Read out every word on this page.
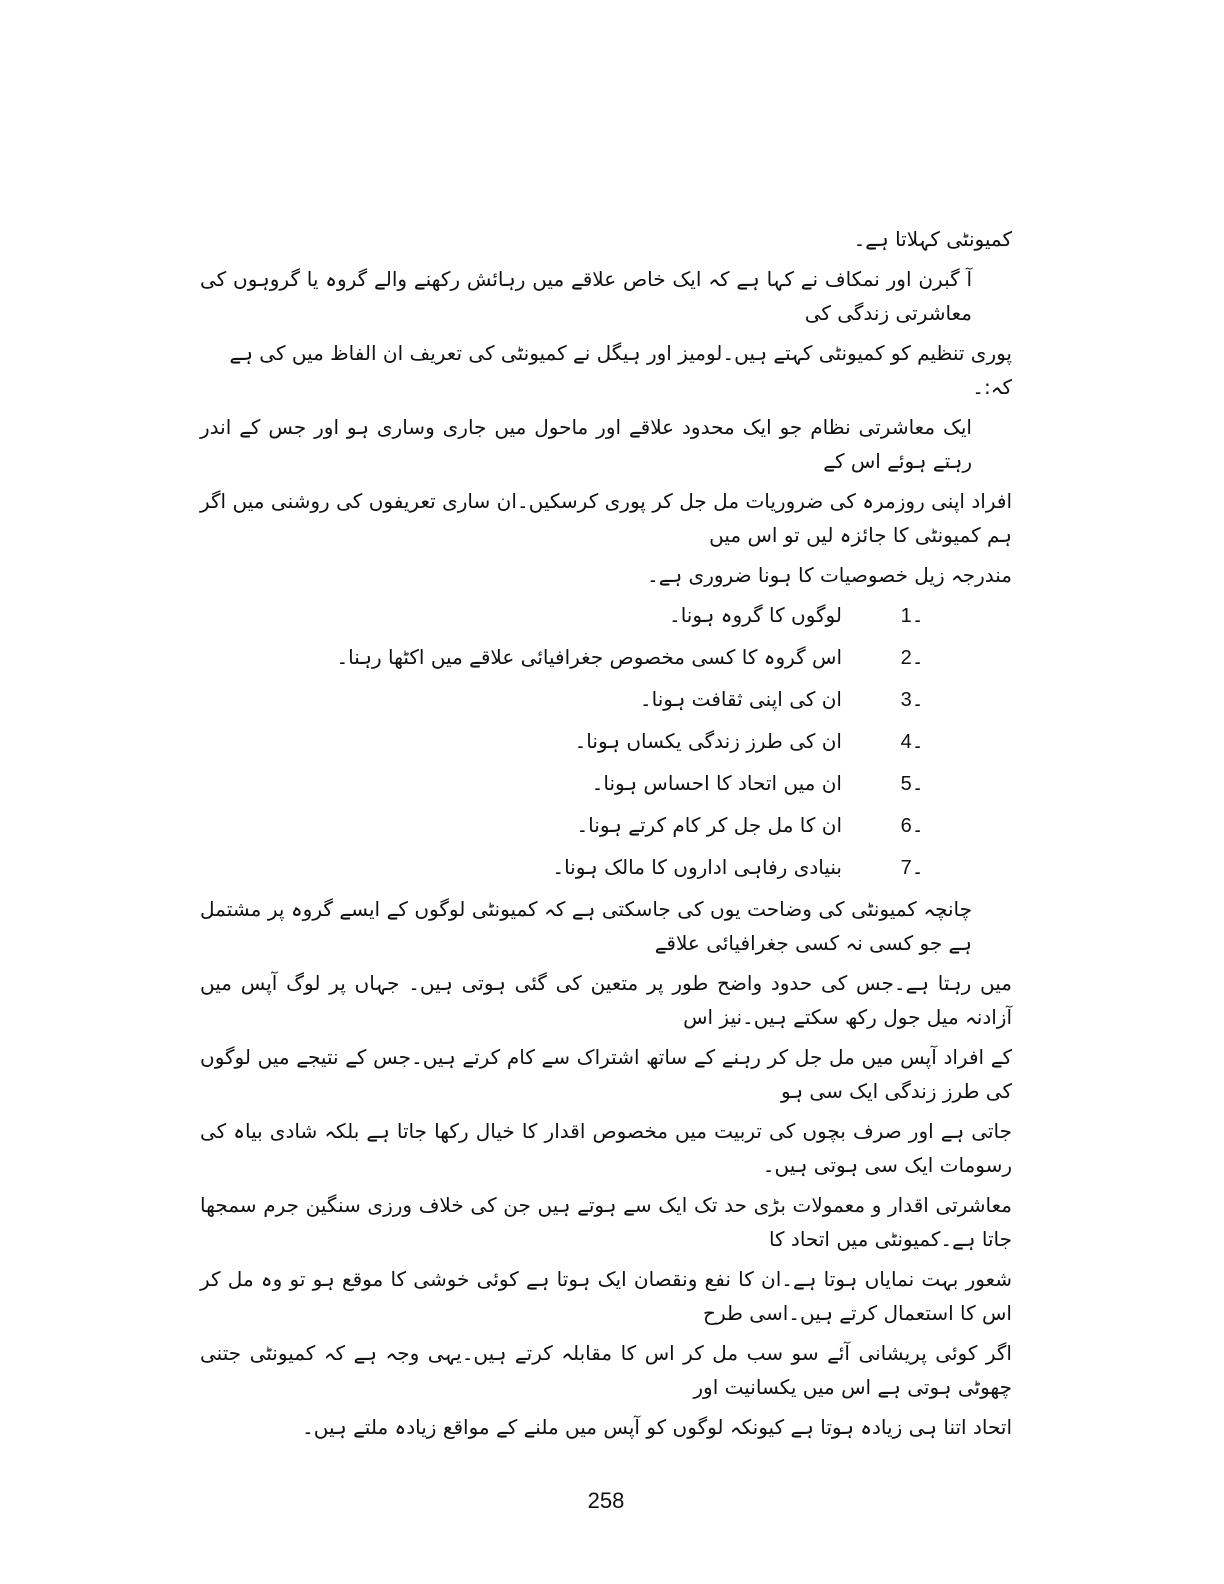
کمیونٹی کہلاتا ہے۔
آ گبرن اور نمکاف نے کہا ہے کہ ایک خاص علاقے میں رہائش رکھنے والے گروہ یا گروہوں کی معاشرتی زندگی کی
پوری تنظیم کو کمیونٹی کہتے ہیں۔لومیز اور ہیگل نے کمیونٹی کی تعریف ان الفاظ میں کی ہے کہ:۔
ایک معاشرتی نظام جو ایک محدود علاقے اور ماحول میں جاری وساری ہو اور جس کے اندر رہتے ہوئے اس کے
افراد اپنی روزمرہ کی ضروریات مل جل کر پوری کرسکیں۔ان ساری تعریفوں کی روشنی میں اگر ہم کمیونٹی کا جائزہ لیں تو اس میں
مندرجہ زیل خصوصیات کا ہونا ضروری ہے۔
1۔
لوگوں کا گروہ ہونا۔
2۔
اس گروہ کا کسی مخصوص جغرافیائی علاقے میں اکٹھا رہنا۔
3۔
ان کی اپنی ثقافت ہونا۔
4۔
ان کی طرز زندگی یکساں ہونا۔
5۔
ان میں اتحاد کا احساس ہونا۔
6۔
ان کا مل جل کر کام کرتے ہونا۔
7۔
بنیادی رفاہی اداروں کا مالک ہونا۔
چانچہ کمیونٹی کی وضاحت یوں کی جاسکتی ہے کہ کمیونٹی لوگوں کے ایسے گروہ پر مشتمل ہے جو کسی نہ کسی جغرافیائی علاقے
میں رہتا ہے۔جس کی حدود واضح طور پر متعین کی گئی ہوتی ہیں۔ جہاں پر لوگ آپس میں آزادنہ میل جول رکھ سکتے ہیں۔نیز اس
کے افراد آپس میں مل جل کر رہنے کے ساتھ اشتراک سے کام کرتے ہیں۔جس کے نتیجے میں لوگوں کی طرز زندگی ایک سی ہو
جاتی ہے اور صرف بچوں کی تربیت میں مخصوص اقدار کا خیال رکھا جاتا ہے بلکہ شادی بیاہ کی رسومات ایک سی ہوتی ہیں۔
معاشرتی اقدار و معمولات بڑی حد تک ایک سے ہوتے ہیں جن کی خلاف ورزی سنگین جرم سمجھا جاتا ہے۔کمیونٹی میں اتحاد کا
شعور بہت نمایاں ہوتا ہے۔ان کا نفع ونقصان ایک ہوتا ہے کوئی خوشی کا موقع ہو تو وہ مل کر اس کا استعمال کرتے ہیں۔اسی طرح
اگر کوئی پریشانی آئے سو سب مل کر اس کا مقابلہ کرتے ہیں۔یہی وجہ ہے کہ کمیونٹی جتنی چھوٹی ہوتی ہے اس میں یکسانیت اور
اتحاد اتنا ہی زیادہ ہوتا ہے کیونکہ لوگوں کو آپس میں ملنے کے مواقع زیادہ ملتے ہیں۔
258
